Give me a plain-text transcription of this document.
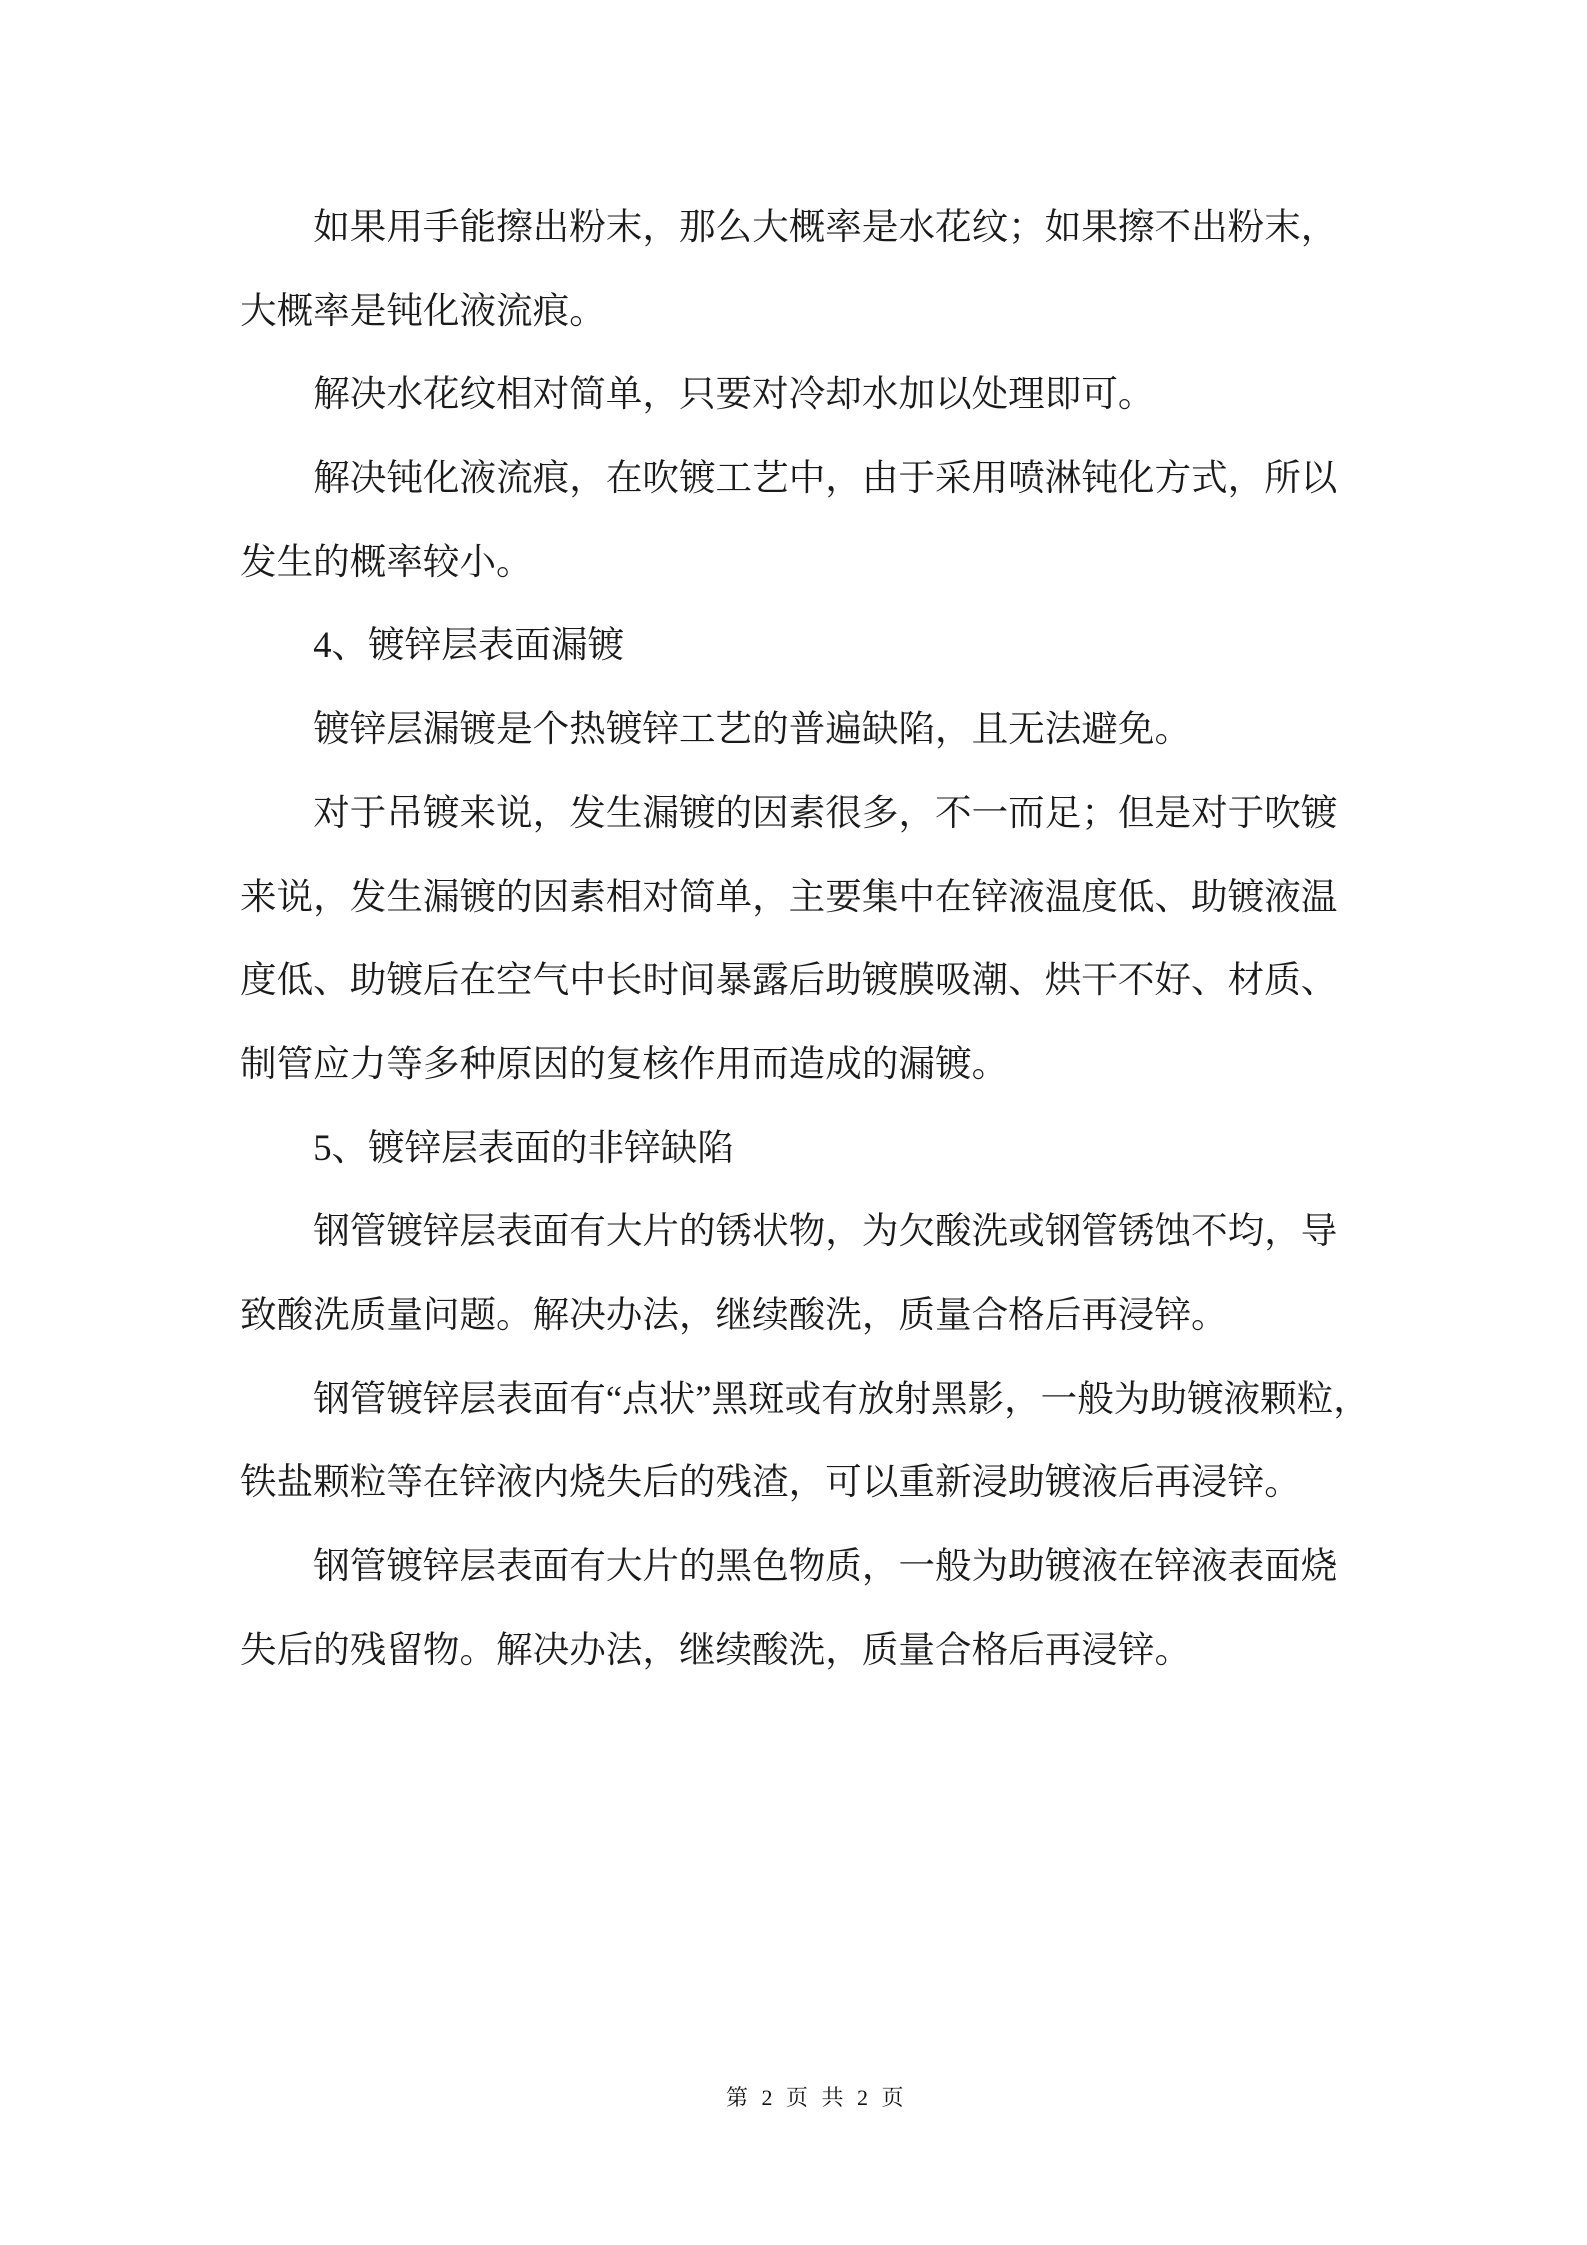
如果用手能擦出粉末，那么大概率是水花纹；如果擦不出粉末，
大概率是钝化液流痕。
解决水花纹相对简单，只要对冷却水加以处理即可。
解决钝化液流痕，在吹镀工艺中，由于采用喷淋钝化方式，所以
发生的概率较小。
4、镀锌层表面漏镀
镀锌层漏镀是个热镀锌工艺的普遍缺陷，且无法避免。
对于吊镀来说，发生漏镀的因素很多，不一而足；但是对于吹镀
来说，发生漏镀的因素相对简单，主要集中在锌液温度低、助镀液温
度低、助镀后在空气中长时间暴露后助镀膜吸潮、烘干不好、材质、
制管应力等多种原因的复核作用而造成的漏镀。
5、镀锌层表面的非锌缺陷
钢管镀锌层表面有大片的锈状物，为欠酸洗或钢管锈蚀不均，导
致酸洗质量问题。解决办法，继续酸洗，质量合格后再浸锌。
钢管镀锌层表面有“点状”黑斑或有放射黑影，一般为助镀液颗粒，
铁盐颗粒等在锌液内烧失后的残渣，可以重新浸助镀液后再浸锌。
钢管镀锌层表面有大片的黑色物质，一般为助镀液在锌液表面烧
失后的残留物。解决办法，继续酸洗，质量合格后再浸锌。
第 2 页 共 2 页
